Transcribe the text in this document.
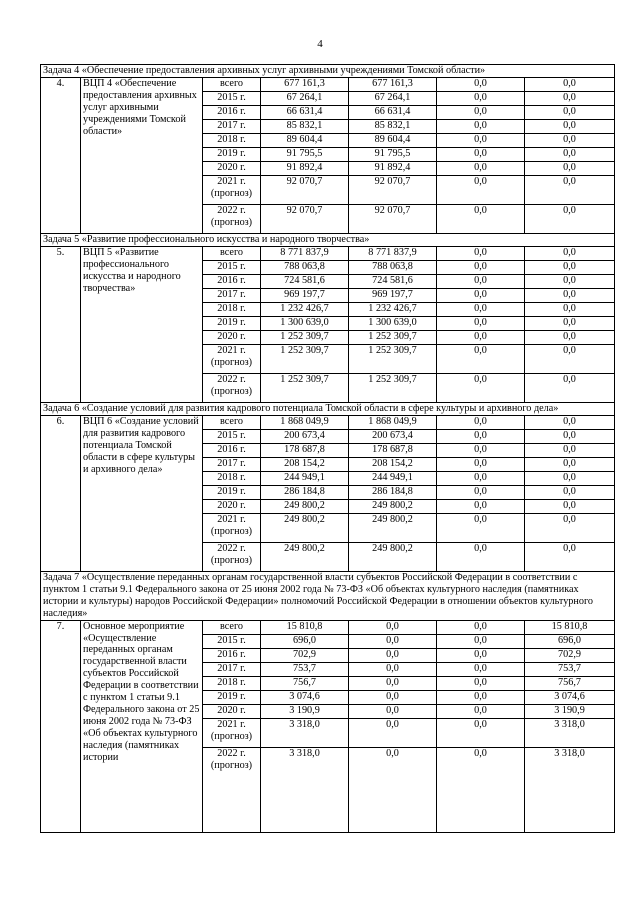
4
Задача 4 «Обеспечение предоставления архивных услуг архивными учреждениями Томской области»						
4.	ВЦП 4 «Обеспечение предоставления архивных услуг архивными учреждениями Томской области»	всего	677 161,3	677 161,3	0,0	0,0
		2015 г.	67 264,1	67 264,1	0,0	0,0
		2016 г.	66 631,4	66 631,4	0,0	0,0
		2017 г.	85 832,1	85 832,1	0,0	0,0
		2018 г.	89 604,4	89 604,4	0,0	0,0
		2019 г.	91 795,5	91 795,5	0,0	0,0
		2020 г.	91 892,4	91 892,4	0,0	0,0
		2021 г. (прогноз)	92 070,7	92 070,7	0,0	0,0
		2022 г. (прогноз)	92 070,7	92 070,7	0,0	0,0
Задача 5 «Развитие профессионального искусства и народного творчества»						
5.	ВЦП 5 «Развитие профессионального искусства и народного творчества»	всего	8 771 837,9	8 771 837,9	0,0	0,0
		2015 г.	788 063,8	788 063,8	0,0	0,0
		2016 г.	724 581,6	724 581,6	0,0	0,0
		2017 г.	969 197,7	969 197,7	0,0	0,0
		2018 г.	1 232 426,7	1 232 426,7	0,0	0,0
		2019 г.	1 300 639,0	1 300 639,0	0,0	0,0
		2020 г.	1 252 309,7	1 252 309,7	0,0	0,0
		2021 г. (прогноз)	1 252 309,7	1 252 309,7	0,0	0,0
		2022 г. (прогноз)	1 252 309,7	1 252 309,7	0,0	0,0
Задача 6 «Создание условий для развития кадрового потенциала Томской области в сфере культуры и архивного дела»						
6.	ВЦП 6 «Создание условий для развития кадрового потенциала Томской области в сфере культуры и архивного дела»	всего	1 868 049,9	1 868 049,9	0,0	0,0
		2015 г.	200 673,4	200 673,4	0,0	0,0
		2016 г.	178 687,8	178 687,8	0,0	0,0
		2017 г.	208 154,2	208 154,2	0,0	0,0
		2018 г.	244 949,1	244 949,1	0,0	0,0
		2019 г.	286 184,8	286 184,8	0,0	0,0
		2020 г.	249 800,2	249 800,2	0,0	0,0
		2021 г. (прогноз)	249 800,2	249 800,2	0,0	0,0
		2022 г. (прогноз)	249 800,2	249 800,2	0,0	0,0
Задача 7 «Осуществление переданных органам государственной власти субъектов Российской Федерации в соответствии с пунктом 1 статьи 9.1 Федерального закона от 25 июня 2002 года № 73-ФЗ «Об объектах культурного наследия (памятниках истории и культуры) народов Российской Федерации» полномочий Российской Федерации в отношении объектов культурного наследия»						
7.	Основное мероприятие «Осуществление переданных органам государственной власти субъектов Российской Федерации в соответствии с пунктом 1 статьи 9.1 Федерального закона от 25 июня 2002 года № 73-ФЗ «Об объектах культурного наследия (памятниках истории	всего	15 810,8	0,0	0,0	15 810,8
		2015 г.	696,0	0,0	0,0	696,0
		2016 г.	702,9	0,0	0,0	702,9
		2017 г.	753,7	0,0	0,0	753,7
		2018 г.	756,7	0,0	0,0	756,7
		2019 г.	3 074,6	0,0	0,0	3 074,6
		2020 г.	3 190,9	0,0	0,0	3 190,9
		2021 г. (прогноз)	3 318,0	0,0	0,0	3 318,0
		2022 г. (прогноз)	3 318,0	0,0	0,0	3 318,0
